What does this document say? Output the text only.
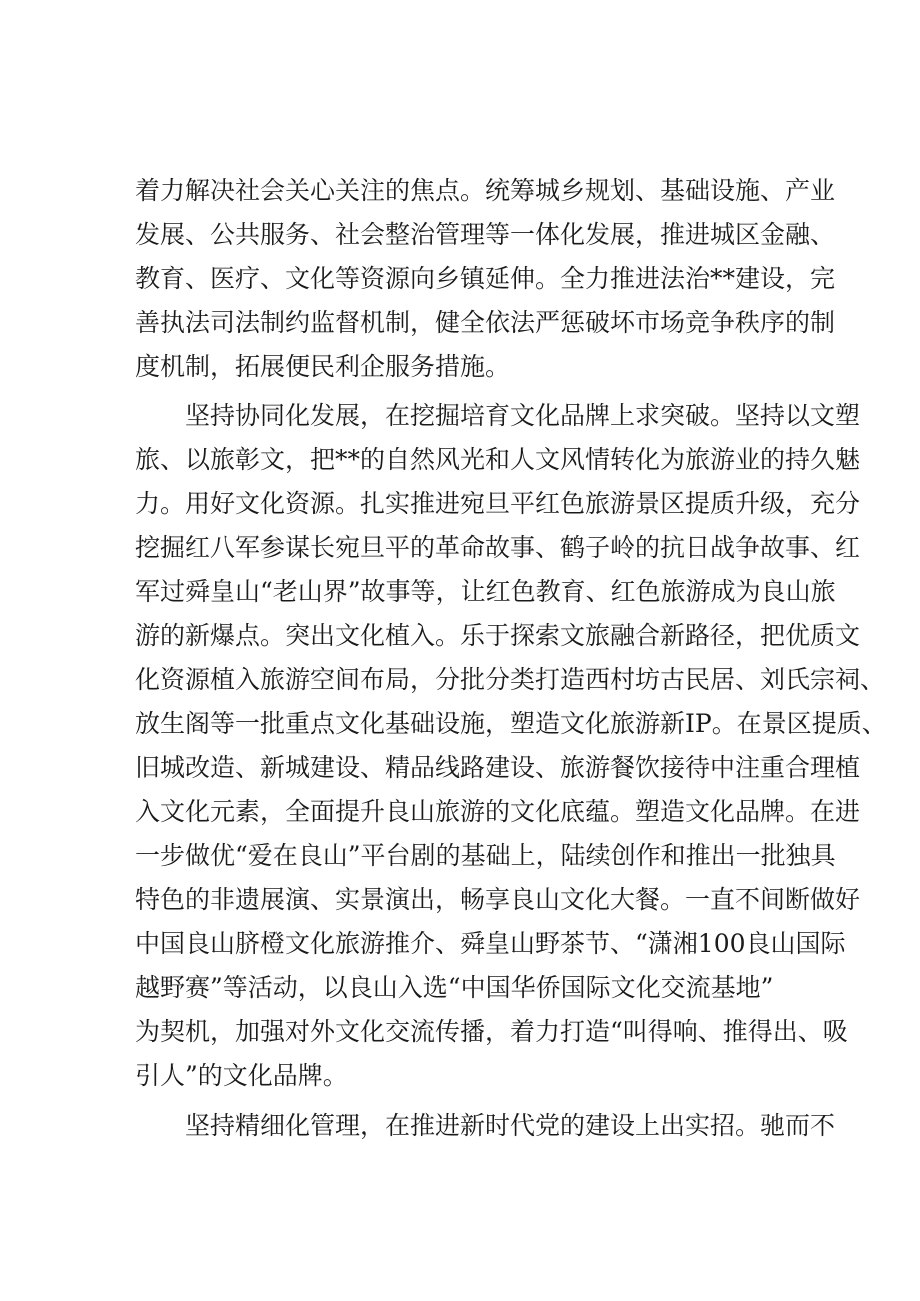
着力解决社会关心关注的焦点。统筹城乡规划、基础设施、产业
发展、公共服务、社会整治管理等一体化发展，推进城区金融、
教育、医疗、文化等资源向乡镇延伸。全力推进法治**建设，完
善执法司法制约监督机制，健全依法严惩破坏市场竞争秩序的制
度机制，拓展便民利企服务措施。
坚持协同化发展，在挖掘培育文化品牌上求突破。坚持以文塑
旅、以旅彰文，把**的自然风光和人文风情转化为旅游业的持久魅
力。用好文化资源。扎实推进宛旦平红色旅游景区提质升级，充分
挖掘红八军参谋长宛旦平的革命故事、鹤子岭的抗日战争故事、红
军过舜皇山“老山界”故事等，让红色教育、红色旅游成为良山旅
游的新爆点。突出文化植入。乐于探索文旅融合新路径，把优质文
化资源植入旅游空间布局，分批分类打造西村坊古民居、刘氏宗祠、
放生阁等一批重点文化基础设施，塑造文化旅游新IP。在景区提质、
旧城改造、新城建设、精品线路建设、旅游餐饮接待中注重合理植
入文化元素，全面提升良山旅游的文化底蕴。塑造文化品牌。在进
一步做优“爱在良山”平台剧的基础上，陆续创作和推出一批独具
特色的非遗展演、实景演出，畅享良山文化大餐。一直不间断做好
中国良山脐橙文化旅游推介、舜皇山野茶节、“潇湘100良山国际
越野赛”等活动，以良山入选“中国华侨国际文化交流基地”
为契机，加强对外文化交流传播，着力打造“叫得响、推得出、吸
引人”的文化品牌。
坚持精细化管理，在推进新时代党的建设上出实招。驰而不
